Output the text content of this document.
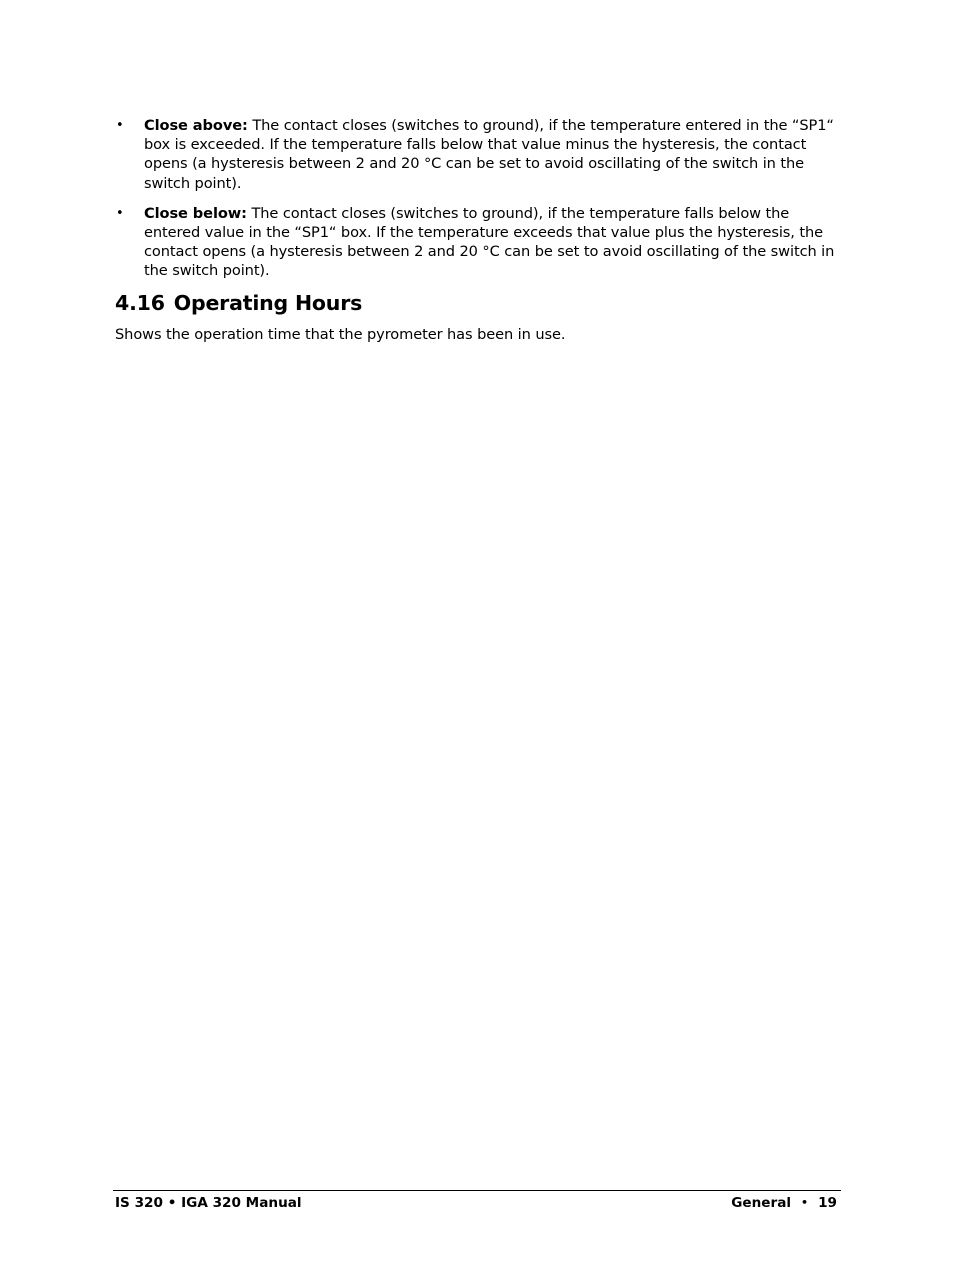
• Close above: The contact closes (switches to ground), if the temperature entered in the “SP1“ box is exceeded. If the temperature falls below that value minus the hysteresis, the contact opens (a hysteresis between 2 and 20 °C can be set to avoid oscillating of the switch in the switch point).
• Close below: The contact closes (switches to ground), if the temperature falls below the entered value in the “SP1“ box. If the temperature exceeds that value plus the hysteresis, the contact opens (a hysteresis between 2 and 20 °C can be set to avoid oscillating of the switch in the switch point).
4.16 Operating Hours

Shows the operation time that the pyrometer has been in use.

IS 320 • IGA 320 Manual	General • 19
